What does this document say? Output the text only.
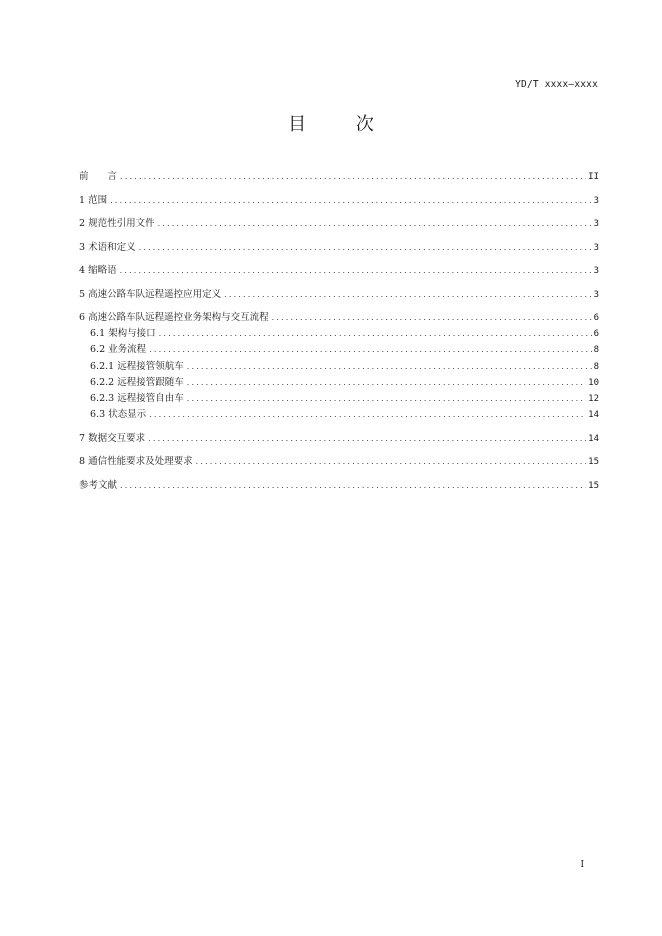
YD/T xxxx—xxxx
目 次
前　　言 .....	II
1 范围 .....	3
2 规范性引用文件 .....	3
3 术语和定义 .....	3
4 缩略语 .....	3
5 高速公路车队远程遥控应用定义 .....	3
6 高速公路车队远程遥控业务架构与交互流程 .....	6
6.1 架构与接口 .....	6
6.2 业务流程 .....	8
6.2.1 远程接管领航车 .....	8
6.2.2 远程接管跟随车 .....	10
6.2.3 远程接管自由车 .....	12
6.3 状态显示 .....	14
7 数据交互要求 .....	14
8 通信性能要求及处理要求 .....	15
参考文献 .....	15
I
